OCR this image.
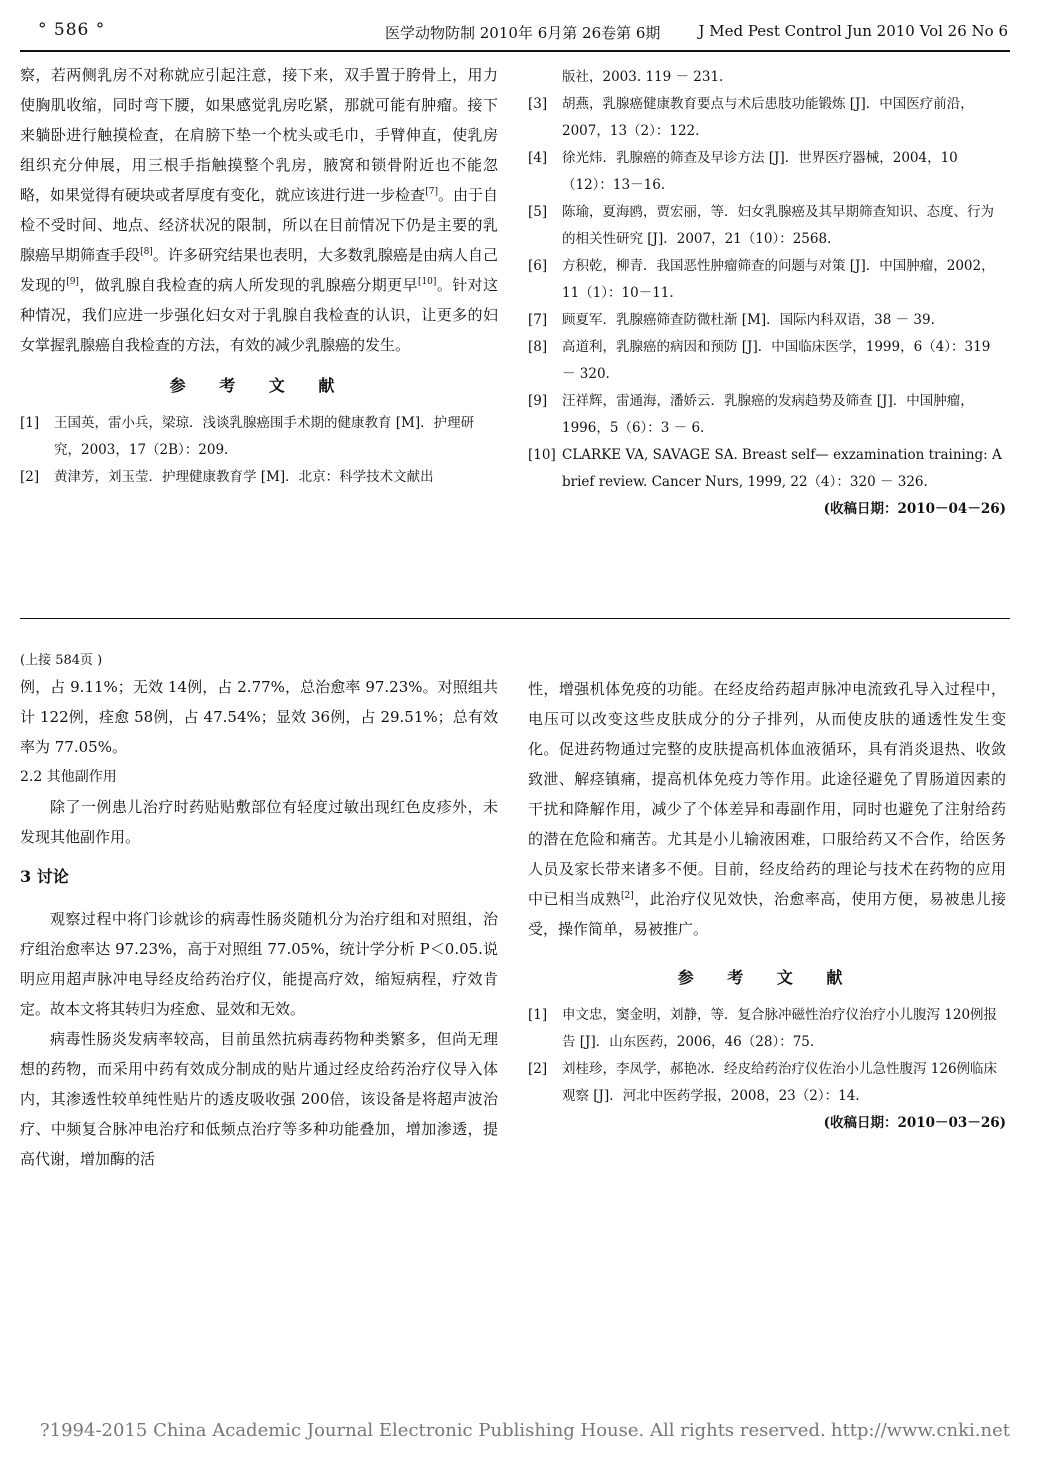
° 586 °	医学动物防制 2010年 6月第 26卷第 6期	J Med Pest Control Jun 2010 Vol 26 No 6

察，若两侧乳房不对称就应引起注意，接下来，双手置于胯骨上，用力使胸肌收缩，同时弯下腰，如果感觉乳房吃紧，那就可能有肿瘤。接下来躺卧进行触摸检查，在肩膀下垫一个枕头或毛巾，手臂伸直，使乳房组织充分伸展，用三根手指触摸整个乳房，腋窝和锁骨附近也不能忽略，如果觉得有硬块或者厚度有变化，就应该进行进一步检查[7]。由于自检不受时间、地点、经济状况的限制，所以在目前情况下仍是主要的乳腺癌早期筛查手段[8]。许多研究结果也表明，大多数乳腺癌是由病人自己发现的[9]，做乳腺自我检查的病人所发现的乳腺癌分期更早[10]。针对这种情况，我们应进一步强化妇女对于乳腺自我检查的认识，让更多的妇女掌握乳腺癌自我检查的方法，有效的减少乳腺癌的发生。

参 考 文 献
[1]	王国英，雷小兵，梁琼．浅谈乳腺癌围手术期的健康教育 [M]．护理研究，2003，17（2B）：209.
[2]	黄津芳，刘玉莹．护理健康教育学 [M]．北京：科学技术文献出
版社，2003. 119 － 231.
[3]	胡燕，乳腺癌健康教育要点与术后患肢功能锻炼 [J]．中国医疗前沿，2007，13（2）：122.
[4]	徐光炜．乳腺癌的筛查及早诊方法 [J]．世界医疗器械，2004，10（12）：13－16.
[5]	陈瑜，夏海鸥，贾宏丽，等．妇女乳腺癌及其早期筛查知识、态度、行为的相关性研究 [J]．2007，21（10）：2568.
[6]	方积乾，柳青．我国恶性肿瘤筛查的问题与对策 [J]．中国肿瘤，2002，11（1）：10－11.
[7]	顾夏军．乳腺癌筛查防微杜渐 [M]．国际内科双语，38 － 39.
[8]	高道利，乳腺癌的病因和预防 [J]．中国临床医学，1999，6（4）：319 － 320.
[9]	汪祥辉，雷通海，潘娇云．乳腺癌的发病趋势及筛查 [J]．中国肿瘤，1996，5（6）：3 － 6.
[10] CLARKE VA, SAVAGE SA. Breast self— exzamination training: A brief review. Cancer Nurs, 1999, 22（4）：320 － 326.
(收稿日期：2010－04－26)
(上接 584页 )

例，占 9.11%；无效 14例，占 2.77%，总治愈率 97.23%。对照组共计 122例，痊愈 58例，占 47.54%；显效 36例，占 29.51%；总有效率为 77.05%。

2.2 其他副作用

除了一例患儿治疗时药贴贴敷部位有轻度过敏出现红色皮疹外，未发现其他副作用。

3 讨论

观察过程中将门诊就诊的病毒性肠炎随机分为治疗组和对照组，治疗组治愈率达 97.23%，高于对照组 77.05%，统计学分析 P＜0.05.说明应用超声脉冲电导经皮给药治疗仪，能提高疗效，缩短病程，疗效肯定。故本文将其转归为痊愈、显效和无效。

病毒性肠炎发病率较高，目前虽然抗病毒药物种类繁多，但尚无理想的药物，而采用中药有效成分制成的贴片通过经皮给药治疗仪导入体内，其渗透性较单纯性贴片的透皮吸收强 200倍，该设备是将超声波治疗、中频复合脉冲电治疗和低频点治疗等多种功能叠加，增加渗透，提高代谢，增加酶的活

性，增强机体免疫的功能。在经皮给药超声脉冲电流致孔导入过程中，电压可以改变这些皮肤成分的分子排列，从而使皮肤的通透性发生变化。促进药物通过完整的皮肤提高机体血液循环，具有消炎退热、收敛致泄、解痉镇痛，提高机体免疫力等作用。此途径避免了胃肠道因素的干扰和降解作用，减少了个体差异和毒副作用，同时也避免了注射给药的潜在危险和痛苦。尤其是小儿输液困难，口服给药又不合作，给医务人员及家长带来诸多不便。目前，经皮给药的理论与技术在药物的应用中已相当成熟[2]，此治疗仪见效快，治愈率高，使用方便，易被患儿接受，操作简单，易被推广。

参 考 文 献
[1]	申文忠，窦金明，刘静，等．复合脉冲磁性治疗仪治疗小儿腹泻 120例报告 [J]．山东医药，2006，46（28）：75.
[2]	刘桂珍，李凤学，郝艳冰．经皮给药治疗仪佐治小儿急性腹泻 126例临床观察 [J]．河北中医药学报，2008，23（2）：14.
(收稿日期：2010－03－26)
?1994-2015 China Academic Journal Electronic Publishing House. All rights reserved. http://www.cnki.net
